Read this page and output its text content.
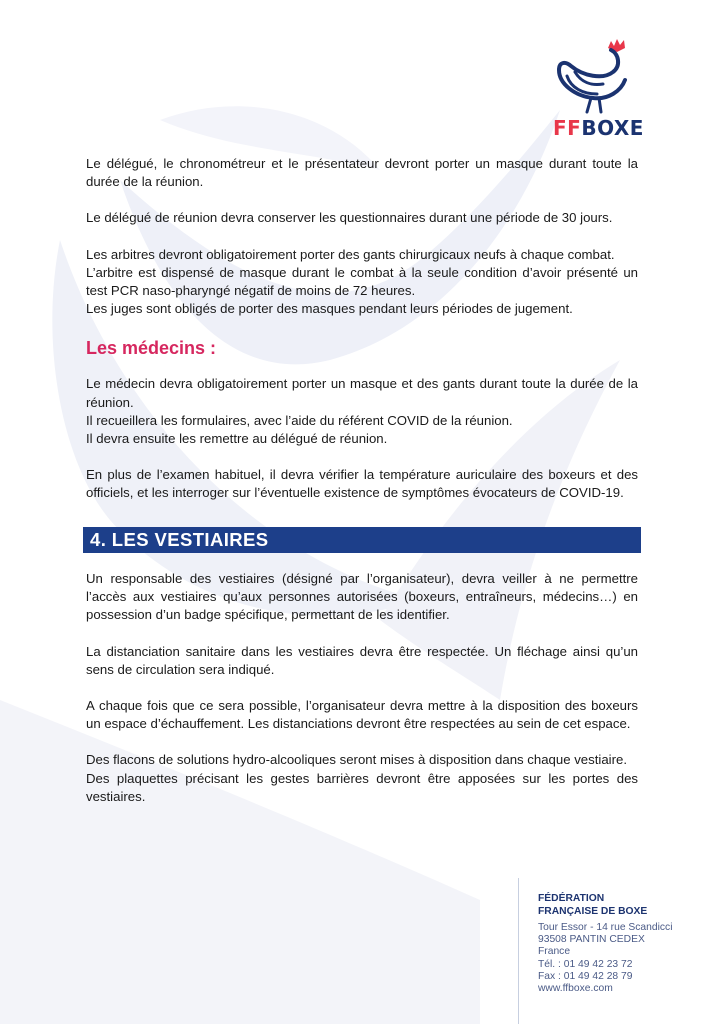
FFBOXE

Le délégué, le chronométreur et le présentateur devront porter un masque durant toute la durée de la réunion.

Le délégué de réunion devra conserver les questionnaires durant une période de 30 jours.

Les arbitres devront obligatoirement porter des gants chirurgicaux neufs à chaque combat.

L’arbitre est dispensé de masque durant le combat à la seule condition d’avoir présenté un test PCR naso-pharyngé négatif de moins de 72 heures.

Les juges sont obligés de porter des masques pendant leurs périodes de jugement.

Les médecins :

Le médecin devra obligatoirement porter un masque et des gants durant toute la durée de la réunion.

Il recueillera les formulaires, avec l’aide du référent COVID de la réunion.

Il devra ensuite les remettre au délégué de réunion.

En plus de l’examen habituel, il devra vérifier la température auriculaire des boxeurs et des officiels, et les interroger sur l’éventuelle existence de symptômes évocateurs de COVID-19.

4. LES VESTIAIRES

Un responsable des vestiaires (désigné par l’organisateur), devra veiller à ne permettre l’accès aux vestiaires qu’aux personnes autorisées (boxeurs, entraîneurs, médecins…) en possession d’un badge spécifique, permettant de les identifier.

La distanciation sanitaire dans les vestiaires devra être respectée. Un fléchage ainsi qu’un sens de circulation sera indiqué.

A chaque fois que ce sera possible, l’organisateur devra mettre à la disposition des boxeurs un espace d’échauffement. Les distanciations devront être respectées au sein de cet espace.

Des flacons de solutions hydro-alcooliques seront mises à disposition dans chaque vestiaire.

Des plaquettes précisant les gestes barrières devront être apposées sur les portes des vestiaires.

FÉDÉRATION
FRANÇAISE DE BOXE
Tour Essor - 14 rue Scandicci
93508 PANTIN CEDEX
France
Tél. : 01 49 42 23 72
Fax : 01 49 42 28 79
www.ffboxe.com
